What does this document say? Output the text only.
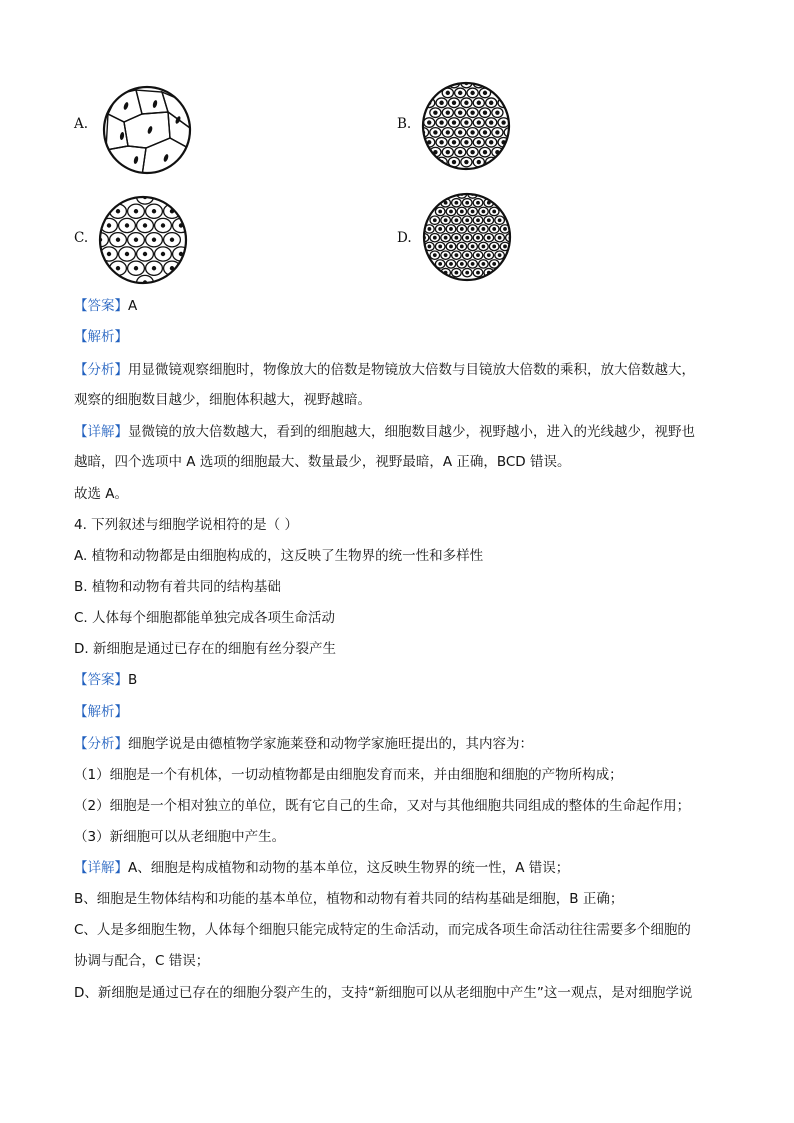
A.	B.
C.	D.
【答案】A
【解析】
【分析】用显微镜观察细胞时，物像放大的倍数是物镜放大倍数与目镜放大倍数的乘积，放大倍数越大，
观察的细胞数目越少，细胞体积越大，视野越暗。
【详解】显微镜的放大倍数越大，看到的细胞越大，细胞数目越少，视野越小，进入的光线越少，视野也
越暗，四个选项中 A 选项的细胞最大、数量最少，视野最暗，A 正确，BCD 错误。
故选 A。
4. 下列叙述与细胞学说相符的是（ ）
A. 植物和动物都是由细胞构成的，这反映了生物界的统一性和多样性
B. 植物和动物有着共同的结构基础
C. 人体每个细胞都能单独完成各项生命活动
D. 新细胞是通过已存在的细胞有丝分裂产生
【答案】B
【解析】
【分析】细胞学说是由德植物学家施莱登和动物学家施旺提出的，其内容为：
（1）细胞是一个有机体，一切动植物都是由细胞发育而来，并由细胞和细胞的产物所构成；
（2）细胞是一个相对独立的单位，既有它自己的生命，又对与其他细胞共同组成的整体的生命起作用；
（3）新细胞可以从老细胞中产生。
【详解】A、细胞是构成植物和动物的基本单位，这反映生物界的统一性，A 错误；
B、细胞是生物体结构和功能的基本单位，植物和动物有着共同的结构基础是细胞，B 正确；
C、人是多细胞生物，人体每个细胞只能完成特定的生命活动，而完成各项生命活动往往需要多个细胞的
协调与配合，C 错误；
D、新细胞是通过已存在的细胞分裂产生的，支持“新细胞可以从老细胞中产生”这一观点，是对细胞学说
